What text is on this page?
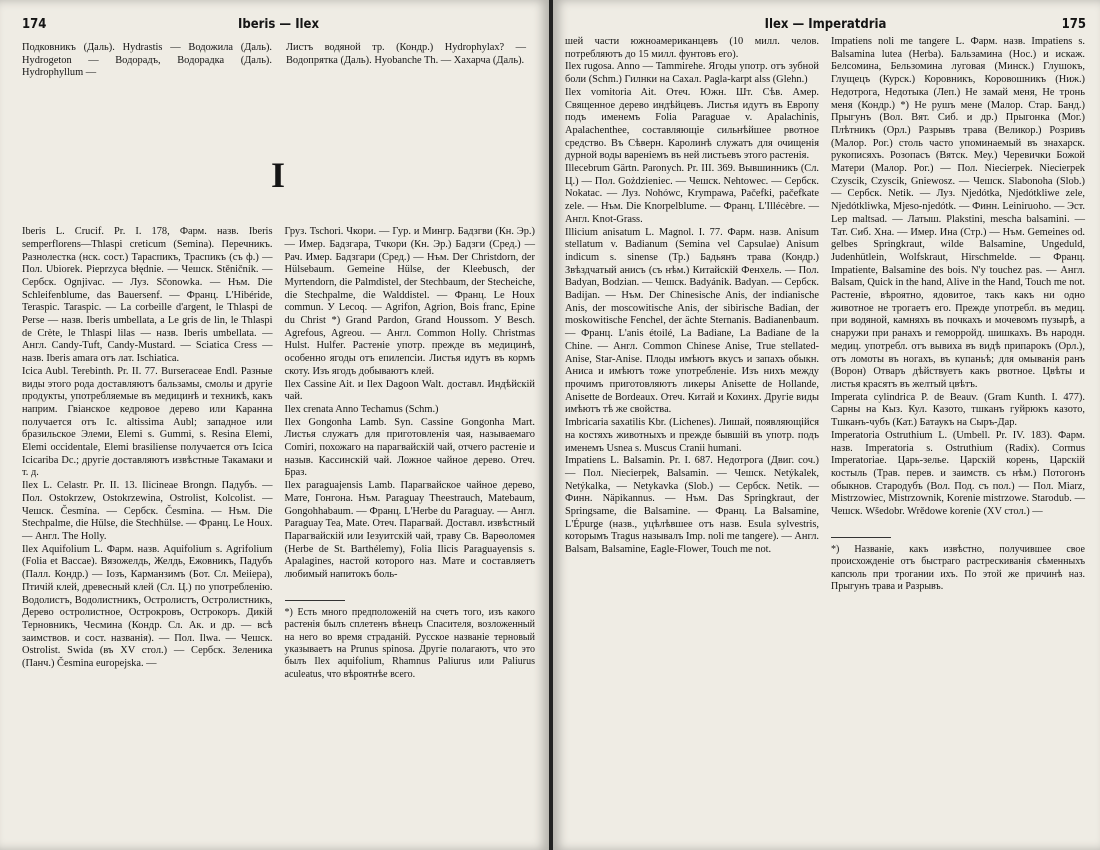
174	Iberis — Ilex

Подковникъ (Даль). Hydrastis — Водожила (Даль). Hydrogeton — Водорадъ, Водорадка (Даль). Hydrophyllum —

Листъ водяной тр. (Кондр.) Hydrophylax? — Водопрятка (Даль). Hyobanche Th. — Хахарча (Даль).

I

Iberis L. Crucif. Pr. I. 178, Фарм. назв. Iberis semperflorens—Thlaspi creticum (Semina). Перечникъ. Разнолестка (нск. сост.) Тараспикъ, Траспикъ (съ ф.) — Пол. Ubiorek. Pieprzyca błędnie. — Чешск. Stěničník. — Сербск. Ognjivac. — Луз. Sčonowka. — Нъм. Die Schleifenblume, das Bauersenf. — Франц. L'Hibéride, Teraspic. Taraspic. — La corbeille d'argent, le Thlaspi de Perse — назв. Iberis umbellata, a Le gris de lin, le Thlaspi de Crète, le Thlaspi lilas — назв. Iberis umbellata. — Англ. Candy-Tuft, Candy-Mustard. — Sciatica Cress — назв. Iberis amara отъ лат. Ischiatica.

Icica Aubl. Terebinth. Pr. II. 77. Burseraceae Endl. Разные виды этого рода доставляютъ бальзамы, смолы и другіе продукты, употребляемые въ медицинѣ и техникѣ, какъ наприм. Гвіанское кедровое дерево или Каранна получается отъ Ic. altissima Aubl; западное или бразильское Элеми, Elemi s. Gummi, s. Resina Elemi, Elemi occidentale, Elemi brasiliense получается отъ Icica Icicariba Dc.; другіе доставляютъ извѣстные Такамаки и т. д.

Ilex L. Celastr. Pr. II. 13. Ilicineae Brongn. Падубъ. — Пол. Ostokrzew, Ostokrzewina, Ostrolist, Kolcolist. — Чешск. Česmína. — Сербск. Česmina. — Нъм. Die Stechpalme, die Hülse, die Stechhülse. — Франц. Le Houx. — Англ. The Holly.

Ilex Aquifolium L. Фарм. назв. Aquifolium s. Agrifolium (Folia et Baccae). Вязожелдь, Желдь, Ежовникъ, Падубъ (Палл. Кондр.) — Іозъ, Карманзимъ (Бот. Сл. Меііера), Птичій клей, древесный клей (Сл. Ц.) по употребленію. Водолистъ, Водолистникъ, Остролистъ, Остролистникъ, Дерево остролистное, Острокровъ, Острокоръ. Дикій Терновникъ, Чесмина (Кондр. Сл. Ак. и др. — всѣ заимствов. и сост. названія). — Пол. Ilwa. — Чешск. Ostrolist. Swida (въ XV стол.) — Сербск. Зеленика (Панч.) Česmina europejska. —

Груз. Tschori. Чкори. — Гур. и Мингр. Бадзгви (Кн. Эр.) — Имер. Бадзгара, Тчкори (Кн. Эр.) Бадзги (Сред.) — Рач. Имер. Бадзгари (Сред.) — Нъм. Der Christdorn, der Hülsebaum. Gemeine Hülse, der Kleebusch, der Myrtendorn, die Palmdistel, der Stechbaum, der Stecheiche, die Stechpalme, die Walddistel. — Франц. Le Houx commun. У Lecoq. — Agrifon, Agrion, Bois franc, Epine du Christ *) Grand Pardon, Grand Houssom. У Besch. Agrefous, Agreou. — Англ. Common Holly. Christmas Hulst. Hulfer. Растеніе употр. прежде въ медицинѣ, особенно ягоды отъ епилепсіи. Листья идутъ въ кормъ скоту. Изъ ягодъ добываютъ клей.

Ilex Cassine Ait. и Ilex Dagoon Walt. доставл. Индѣйскій чай.

Ilex crenata Anno Techamus (Schm.)

Ilex Gongonha Lamb. Syn. Cassine Gongonha Mart. Листья служатъ для приготовленія чая, называемаго Comiri, похожаго на парагвайскій чай, отчего растеніе и назыв. Кассинскій чай. Ложное чайное дерево. Отеч. Браз.

Ilex paraguajensis Lamb. Парагвайское чайное дерево, Мате, Гонгона. Нъм. Paraguay Theestrauch, Matebaum, Gongohhabaum. — Франц. L'Herbe du Paraguay. — Англ. Paraguay Tea, Mate. Отеч. Парагвай. Доставл. извѣстный Парагвайскій или Іезуитскій чай, траву Св. Варѳоломея (Herbe de St. Barthélemy), Folia Ilicis Paraguayensis s. Apalagines, настой которого наз. Мате и составляетъ любимый напитокъ боль-

*) Есть много предположеній на счетъ того, изъ какого растенія былъ сплетенъ вѣнецъ Спасителя, возложенный на него во время страданій. Русское названіе терновый указываетъ на Prunus spinosa. Другіе полагаютъ, что это былъ Ilex aquifolium, Rhamnus Paliurus или Paliurus aculeatus, что вѣроятнѣе всего.

Ilex — Imperatdria	175

шей части южноамериканцевъ (10 милл. челов. потребляютъ до 15 милл. фунтовъ его).

Ilex rugosa. Anno — Tammirehe. Ягоды употр. отъ зубной боли (Schm.) Гилнки на Сахал. Pagla-karpt alss (Glehn.)

Ilex vomitoria Ait. Отеч. Южн. Шт. Сѣв. Амер. Священное дерево индѣйцевъ. Листья идутъ въ Европу подъ именемъ Folia Paraguae v. Apalachinis, Apalachenthee, составляющіе сильнѣйшее рвотное средство. Въ Сѣверн. Каролинѣ служатъ для очищенія дурной воды вареніемъ въ ней листьевъ этого растенія.

Illecebrum Gärtn. Paronych. Pr. III. 369. Вывшинникъ (Сл. Ц.) — Пол. Gożdzieniec. — Чешск. Nehtowec. — Сербск. Nokatac. — Луз. Nohówc, Krympawa, Pačefki, pačefkate zele. — Нъм. Die Knorpelblume. — Франц. L'Illécèbre. — Англ. Knot-Grass.

Illicium anisatum L. Magnol. I. 77. Фарм. назв. Anisum stellatum v. Badianum (Semina vel Capsulae) Anisum indicum s. sinense (Тр.) Бадьянъ трава (Кондр.) Звѣздчатый анисъ (съ нѣм.) Китайскій Фенхель. — Пол. Badyan, Bodzian. — Чешск. Badyánik. Badyan. — Сербск. Badijan. — Нъм. Der Chinesische Anis, der indianische Anis, der moscowitische Anis, der sibirische Badian, der moskowitische Fenchel, der ächte Sternanis. Badianenbaum. — Франц. L'anis étoilé, La Badiane, La Badiane de la Chine. — Англ. Common Chinese Anise, True stellated-Anise, Star-Anise. Плоды имѣютъ вкусъ и запахъ обыкн. Аниса и имѣютъ тоже употребленіе. Изъ нихъ между прочимъ приготовляютъ ликеры Anisette de Hollande, Anisette de Bordeaux. Отеч. Китай и Кохинх. Другіе виды имѣютъ тѣ же свойства.

Imbricaria saxatilis Kbr. (Lichenes). Лишай, появляющійся на костяхъ животныхъ и прежде бывшій въ употр. подъ именемъ Usnea s. Muscus Cranii humani.

Impatiens L. Balsamin. Pr. I. 687. Недотрога (Двиг. соч.) — Пол. Niecierpek, Balsamin. — Чешск. Netýkalek, Netýkalka, — Netykavka (Slob.) — Сербск. Netik. — Финн. Näpikannus. — Нъм. Das Springkraut, der Springsame, die Balsamine. — Франц. La Balsamine, L'Épurge (назв., уцѣлѣвшее отъ назв. Esula sylvestris, которымъ Tragus называлъ Imp. noli me tangere). — Англ. Balsam, Balsamine, Eagle-Flower, Touch me not.

Impatiens noli me tangere L. Фарм. назв. Impatiens s. Balsamina lutea (Herba). Бальзамина (Нос.) и искаж. Белсомина, Бельзомина луговая (Минск.) Глушокъ, Глущецъ (Курск.) Коровникъ, Коровошникъ (Ниж.) Недотрога, Недотыка (Леп.) Не замай меня, Не тронь меня (Кондр.) *) Не рушъ мене (Малор. Стар. Банд.) Прыгунъ (Вол. Вят. Сиб. и др.) Прыгонка (Мог.) Плѣтникъ (Орл.) Разрывъ трава (Великор.) Розривъ (Малор. Рог.) столь часто упоминаемый въ знахарск. рукописяхъ. Розопасъ (Вятск. Меу.) Черевички Божой Матери (Малор. Рог.) — Пол. Niecierpek. Niecierpek Czyscik, Czyscik, Gniewosz. — Чешск. Slabonoha (Slob.) — Сербск. Netik. — Луз. Njedótka, Njedótkliwe zele, Njedótkliwka, Mjeso-njedótk. — Финн. Leiniruoho. — Эст. Lep maltsad. — Латыш. Plakstini, mescha balsamini. — Тат. Сиб. Хна. — Имер. Ина (Стр.) — Нъм. Gemeines od. gelbes Springkraut, wilde Balsamine, Ungeduld, Judenhütlein, Wolfskraut, Hirschmelde. — Франц. Impatiente, Balsamine des bois. N'y touchez pas. — Англ. Balsam, Quick in the hand, Alive in the Hand, Touch me not. Растеніе, вѣроятно, ядовитое, такъ какъ ни одно животное не трогаетъ его. Прежде употребл. въ медиц. при водяной, камняхъ въ почкахъ и мочевомъ пузырѣ, а снаружи при ранахъ и геморройд. шишкахъ. Въ народн. медиц. употребл. отъ вывиха въ видѣ припарокъ (Орл.), отъ ломоты въ ногахъ, въ купаньѣ; для омыванія ранъ (Ворон) Отваръ дѣйствуетъ какъ рвотное. Цвѣты и листья красятъ въ желтый цвѣтъ.

Imperata cylindrica P. de Beauv. (Gram Kunth. I. 477). Сарны на Кыз. Кул. Казото, тшканъ гуйрюкъ казото, Тшканъ-чубъ (Кат.) Батаукъ на Сыръ-Дар.

Imperatoria Ostruthium L. (Umbell. Pr. IV. 183). Фарм. назв. Imperatoria s. Ostruthium (Radix). Cormus Imperatoriae. Царь-зелье. Царскій корень, Царскій костыль (Трав. перев. и заимств. съ нѣм.) Потогонъ обыкнов. Стародубъ (Вол. Под. съ пол.) — Пол. Miarz, Mistrzowiec, Mistrzownik, Korenie mistrzowe. Starodub. — Чешск. Wšedobr. Wrědowe korenie (XV стол.) —

*) Названіе, какъ извѣстно, получившее свое происхожденіе отъ быстраго растрескиванія сѣменныхъ капсюль при трогании ихъ. По этой же причинѣ наз. Прыгунъ трава и Разрывъ.
